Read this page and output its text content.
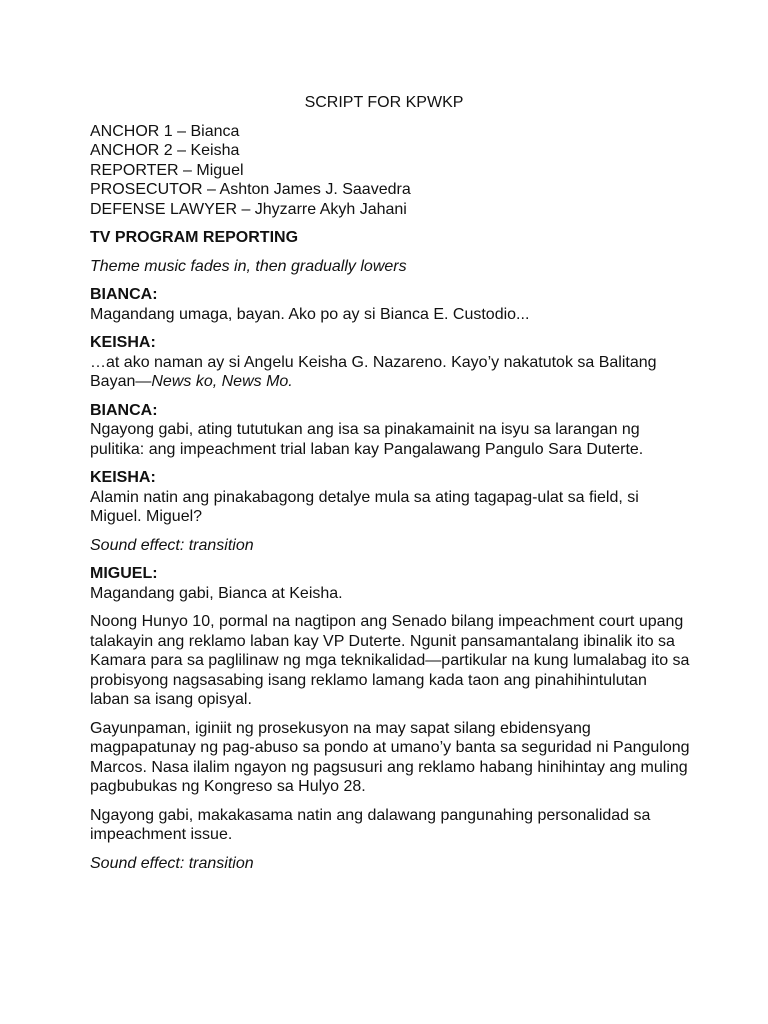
SCRIPT FOR KPWKP
ANCHOR 1 – Bianca
ANCHOR 2 – Keisha
REPORTER – Miguel
PROSECUTOR – Ashton James J. Saavedra
DEFENSE LAWYER – Jhyzarre Akyh Jahani
TV PROGRAM REPORTING
Theme music fades in, then gradually lowers
BIANCA:
Magandang umaga, bayan. Ako po ay si Bianca E. Custodio...
KEISHA:
…at ako naman ay si Angelu Keisha G. Nazareno. Kayo’y nakatutok sa Balitang Bayan—News ko, News Mo.
BIANCA:
Ngayong gabi, ating tututukan ang isa sa pinakamainit na isyu sa larangan ng pulitika: ang impeachment trial laban kay Pangalawang Pangulo Sara Duterte.
KEISHA:
Alamin natin ang pinakabagong detalye mula sa ating tagapag-ulat sa field, si Miguel. Miguel?
Sound effect: transition
MIGUEL:
Magandang gabi, Bianca at Keisha.
Noong Hunyo 10, pormal na nagtipon ang Senado bilang impeachment court upang talakayin ang reklamo laban kay VP Duterte. Ngunit pansamantalang ibinalik ito sa Kamara para sa paglilinaw ng mga teknikalidad—partikular na kung lumalabag ito sa probisyong nagsasabing isang reklamo lamang kada taon ang pinahihintulutan laban sa isang opisyal.
Gayunpaman, iginiit ng prosekusyon na may sapat silang ebidensyang magpapatunay ng pag-abuso sa pondo at umano’y banta sa seguridad ni Pangulong Marcos. Nasa ilalim ngayon ng pagsusuri ang reklamo habang hinihintay ang muling pagbubukas ng Kongreso sa Hulyo 28.
Ngayong gabi, makakasama natin ang dalawang pangunahing personalidad sa impeachment issue.
Sound effect: transition
